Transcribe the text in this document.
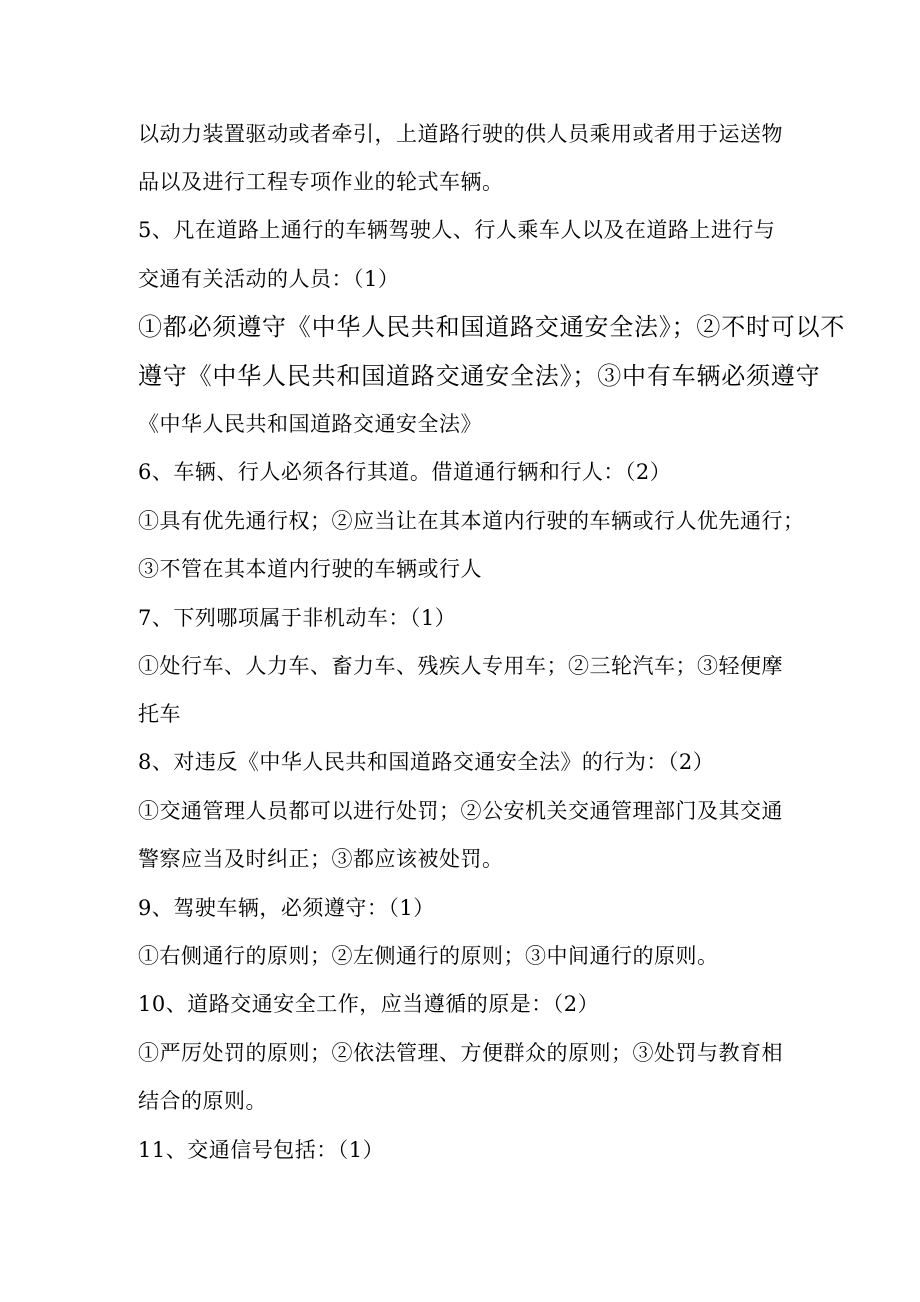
以动力装置驱动或者牵引，上道路行驶的供人员乘用或者用于运送物
品以及进行工程专项作业的轮式车辆。
5、凡在道路上通行的车辆驾驶人、行人乘车人以及在道路上进行与
交通有关活动的人员：（1）
①都必须遵守《中华人民共和国道路交通安全法》；②不时可以不
遵守《中华人民共和国道路交通安全法》；③中有车辆必须遵守
《中华人民共和国道路交通安全法》
6、车辆、行人必须各行其道。借道通行辆和行人：（2）
①具有优先通行权；②应当让在其本道内行驶的车辆或行人优先通行；
③不管在其本道内行驶的车辆或行人
7、下列哪项属于非机动车：（1）
①处行车、人力车、畜力车、残疾人专用车；②三轮汽车；③轻便摩
托车
8、对违反《中华人民共和国道路交通安全法》的行为：（2）
①交通管理人员都可以进行处罚；②公安机关交通管理部门及其交通
警察应当及时纠正；③都应该被处罚。
9、驾驶车辆，必须遵守：（1）
①右侧通行的原则；②左侧通行的原则；③中间通行的原则。
10、道路交通安全工作，应当遵循的原是：（2）
①严厉处罚的原则；②依法管理、方便群众的原则；③处罚与教育相
结合的原则。
11、交通信号包括：（1）
